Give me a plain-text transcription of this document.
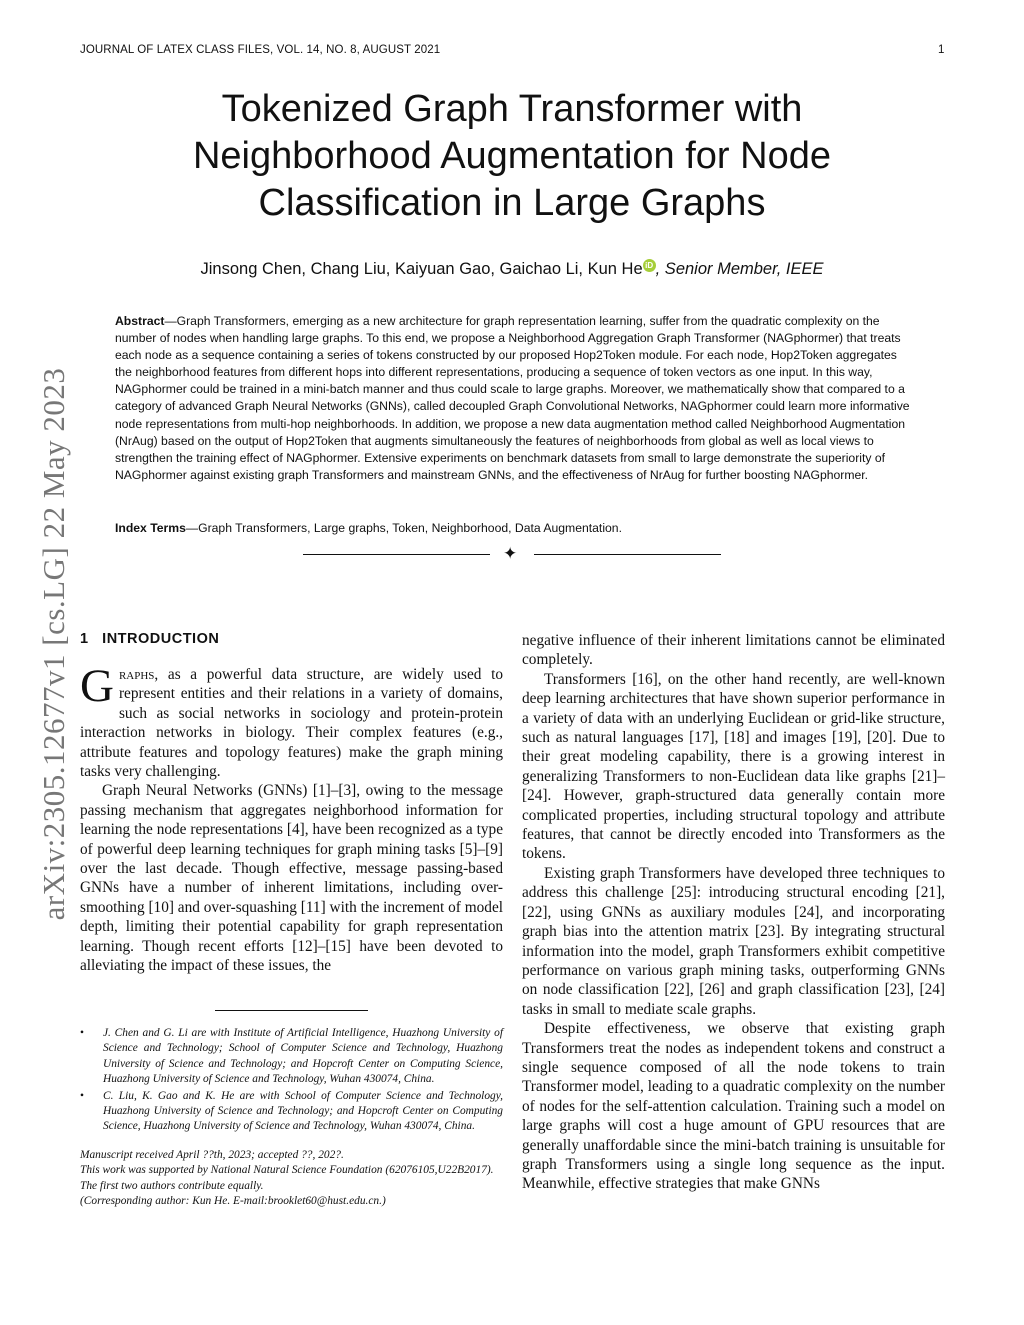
JOURNAL OF LATEX CLASS FILES, VOL. 14, NO. 8, AUGUST 2021	1
arXiv:2305.12677v1 [cs.LG] 22 May 2023
Tokenized Graph Transformer with Neighborhood Augmentation for Node Classification in Large Graphs
Jinsong Chen, Chang Liu, Kaiyuan Gao, Gaichao Li, Kun He iD , Senior Member, IEEE
Abstract—Graph Transformers, emerging as a new architecture for graph representation learning, suffer from the quadratic complexity on the number of nodes when handling large graphs. To this end, we propose a Neighborhood Aggregation Graph Transformer (NAGphormer) that treats each node as a sequence containing a series of tokens constructed by our proposed Hop2Token module. For each node, Hop2Token aggregates the neighborhood features from different hops into different representations, producing a sequence of token vectors as one input. In this way, NAGphormer could be trained in a mini-batch manner and thus could scale to large graphs. Moreover, we mathematically show that compared to a category of advanced Graph Neural Networks (GNNs), called decoupled Graph Convolutional Networks, NAGphormer could learn more informative node representations from multi-hop neighborhoods. In addition, we propose a new data augmentation method called Neighborhood Augmentation (NrAug) based on the output of Hop2Token that augments simultaneously the features of neighborhoods from global as well as local views to strengthen the training effect of NAGphormer. Extensive experiments on benchmark datasets from small to large demonstrate the superiority of NAGphormer against existing graph Transformers and mainstream GNNs, and the effectiveness of NrAug for further boosting NAGphormer.
Index Terms—Graph Transformers, Large graphs, Token, Neighborhood, Data Augmentation.
✦
1 INTRODUCTION

Graphs, as a powerful data structure, are widely used to represent entities and their relations in a variety of domains, such as social networks in sociology and protein-protein interaction networks in biology. Their complex features (e.g., attribute features and topology features) make the graph mining tasks very challenging.

Graph Neural Networks (GNNs) [1]–[3], owing to the message passing mechanism that aggregates neighborhood information for learning the node representations [4], have been recognized as a type of powerful deep learning techniques for graph mining tasks [5]–[9] over the last decade. Though effective, message passing-based GNNs have a number of inherent limitations, including over-smoothing [10] and over-squashing [11] with the increment of model depth, limiting their potential capability for graph representation learning. Though recent efforts [12]–[15] have been devoted to alleviating the impact of these issues, the

• J. Chen and G. Li are with Institute of Artificial Intelligence, Huazhong University of Science and Technology; School of Computer Science and Technology, Huazhong University of Science and Technology; and Hopcroft Center on Computing Science, Huazhong University of Science and Technology, Wuhan 430074, China.
• C. Liu, K. Gao and K. He are with School of Computer Science and Technology, Huazhong University of Science and Technology; and Hopcroft Center on Computing Science, Huazhong University of Science and Technology, Wuhan 430074, China.
Manuscript received April ??th, 2023; accepted ??, 202?.
This work was supported by National Natural Science Foundation (62076105,U22B2017).
The first two authors contribute equally.
(Corresponding author: Kun He. E-mail:brooklet60@hust.edu.cn.)

negative influence of their inherent limitations cannot be eliminated completely.

Transformers [16], on the other hand recently, are well-known deep learning architectures that have shown superior performance in a variety of data with an underlying Euclidean or grid-like structure, such as natural languages [17], [18] and images [19], [20]. Due to their great modeling capability, there is a growing interest in generalizing Transformers to non-Euclidean data like graphs [21]–[24]. However, graph-structured data generally contain more complicated properties, including structural topology and attribute features, that cannot be directly encoded into Transformers as the tokens.

Existing graph Transformers have developed three techniques to address this challenge [25]: introducing structural encoding [21], [22], using GNNs as auxiliary modules [24], and incorporating graph bias into the attention matrix [23]. By integrating structural information into the model, graph Transformers exhibit competitive performance on various graph mining tasks, outperforming GNNs on node classification [22], [26] and graph classification [23], [24] tasks in small to mediate scale graphs.

Despite effectiveness, we observe that existing graph Transformers treat the nodes as independent tokens and construct a single sequence composed of all the node tokens to train Transformer model, leading to a quadratic complexity on the number of nodes for the self-attention calculation. Training such a model on large graphs will cost a huge amount of GPU resources that are generally unaffordable since the mini-batch training is unsuitable for graph Transformers using a single long sequence as the input. Meanwhile, effective strategies that make GNNs
